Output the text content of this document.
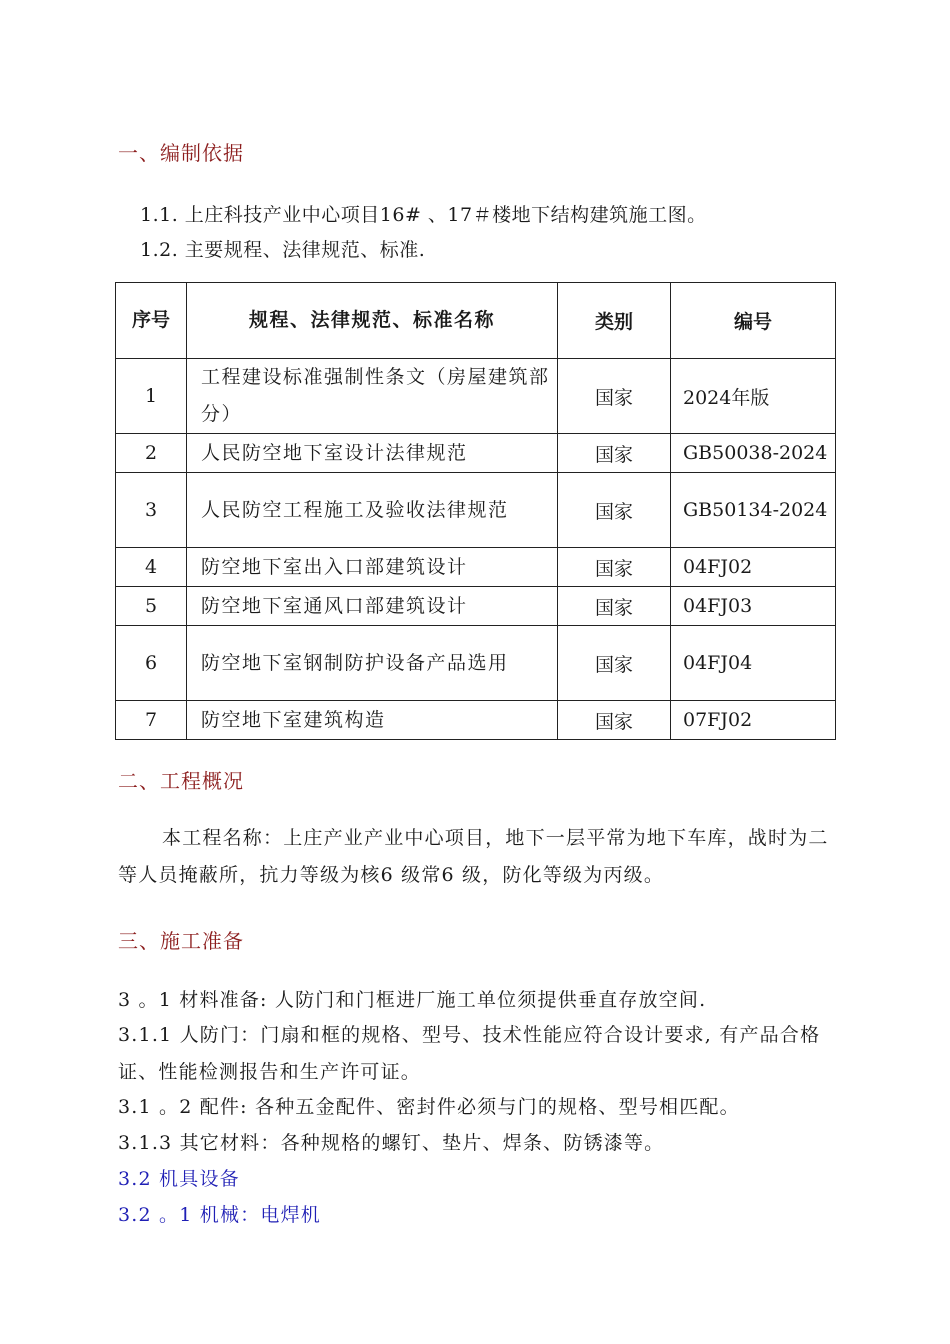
一、编制依据
1.1. 上庄科技产业中心项目16# 、17＃楼地下结构建筑施工图。
1.2. 主要规程、法律规范、标准.
序号	规程、法律规范、标准名称	类别	编号
1	工程建设标准强制性条文（房屋建筑部分）	国家	2024年版
2	人民防空地下室设计法律规范	国家	GB50038-2024
3	人民防空工程施工及验收法律规范	国家	GB50134-2024
4	防空地下室出入口部建筑设计	国家	04FJ02
5	防空地下室通风口部建筑设计	国家	04FJ03
6	防空地下室钢制防护设备产品选用	国家	04FJ04
7	防空地下室建筑构造	国家	07FJ02
二、工程概况
本工程名称：上庄产业产业中心项目，地下一层平常为地下车库，战时为二等人员掩蔽所，抗力等级为核6 级常6 级，防化等级为丙级。
三、施工准备
3 。1 材料准备: 人防门和门框进厂施工单位须提供垂直存放空间.
3.1.1 人防门：门扇和框的规格、型号、技术性能应符合设计要求, 有产品合格证、性能检测报告和生产许可证。
3.1 。2 配件: 各种五金配件、密封件必须与门的规格、型号相匹配。
3.1.3 其它材料：各种规格的螺钉、垫片、焊条、防锈漆等。
3.2 机具设备
3.2 。1 机械：电焊机
